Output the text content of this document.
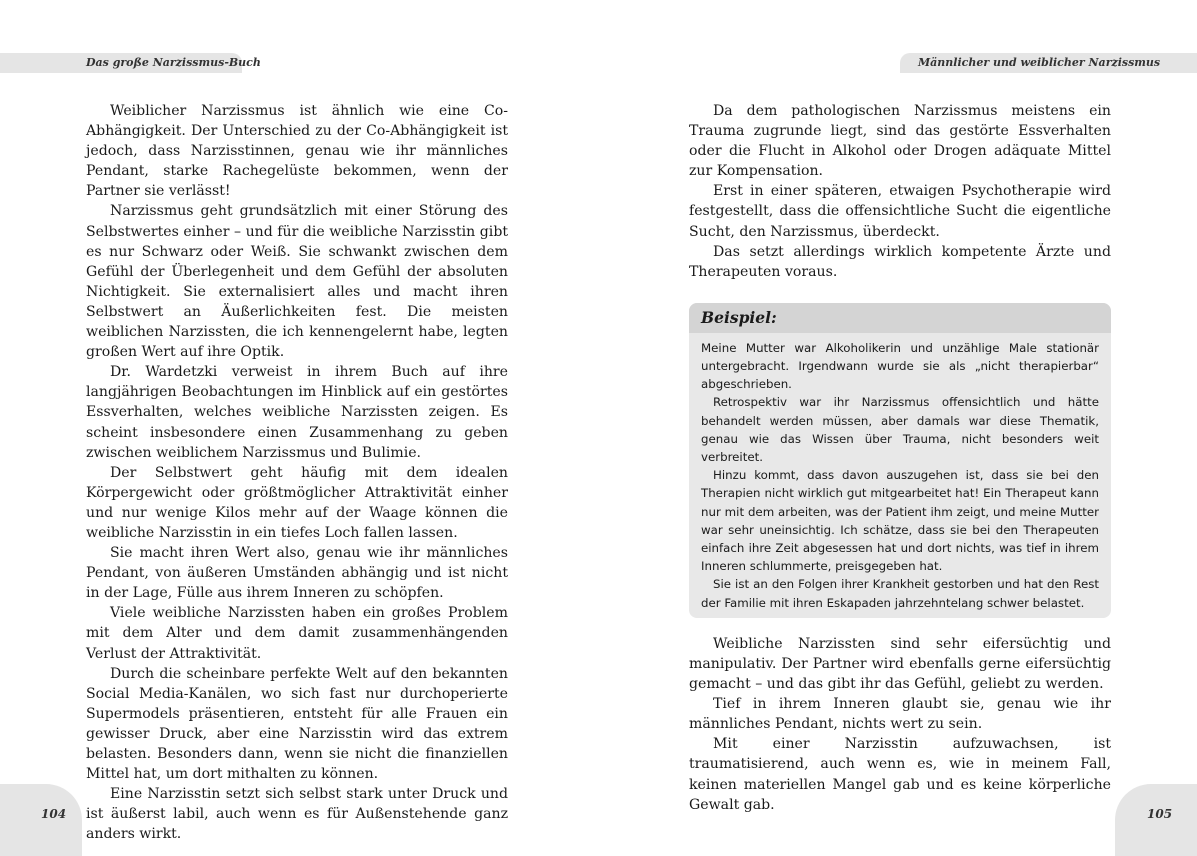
Das große Narzissmus-Buch	Männlicher und weiblicher Narzissmus

Weiblicher Narzissmus ist ähnlich wie eine Co-Abhängigkeit. Der Unterschied zu der Co-Abhängigkeit ist jedoch, dass Narzisstinnen, genau wie ihr männliches Pendant, starke Rachegelüste bekommen, wenn der Partner sie verlässt!

Narzissmus geht grundsätzlich mit einer Störung des Selbstwertes einher – und für die weibliche Narzisstin gibt es nur Schwarz oder Weiß. Sie schwankt zwischen dem Gefühl der Überlegenheit und dem Gefühl der absoluten Nichtigkeit. Sie externalisiert alles und macht ihren Selbstwert an Äußerlichkeiten fest. Die meisten weiblichen Narzissten, die ich kennengelernt habe, legten großen Wert auf ihre Optik.

Dr. Wardetzki verweist in ihrem Buch auf ihre langjährigen Beobachtungen im Hinblick auf ein gestörtes Essverhalten, welches weibliche Narzissten zeigen. Es scheint insbesondere einen Zusammenhang zu geben zwischen weiblichem Narzissmus und Bulimie.

Der Selbstwert geht häufig mit dem idealen Körpergewicht oder größtmöglicher Attraktivität einher und nur wenige Kilos mehr auf der Waage können die weibliche Narzisstin in ein tiefes Loch fallen lassen.

Sie macht ihren Wert also, genau wie ihr männliches Pendant, von äußeren Umständen abhängig und ist nicht in der Lage, Fülle aus ihrem Inneren zu schöpfen.

Viele weibliche Narzissten haben ein großes Problem mit dem Alter und dem damit zusammenhängenden Verlust der Attraktivität.

Durch die scheinbare perfekte Welt auf den bekannten Social Media-Kanälen, wo sich fast nur durchoperierte Supermodels präsentieren, entsteht für alle Frauen ein gewisser Druck, aber eine Narzisstin wird das extrem belasten. Besonders dann, wenn sie nicht die finanziellen Mittel hat, um dort mithalten zu können.

Eine Narzisstin setzt sich selbst stark unter Druck und ist äußerst labil, auch wenn es für Außenstehende ganz anders wirkt.

Da dem pathologischen Narzissmus meistens ein Trauma zugrunde liegt, sind das gestörte Essverhalten oder die Flucht in Alkohol oder Drogen adäquate Mittel zur Kompensation.

Erst in einer späteren, etwaigen Psychotherapie wird festgestellt, dass die offensichtliche Sucht die eigentliche Sucht, den Narzissmus, überdeckt.

Das setzt allerdings wirklich kompetente Ärzte und Therapeuten voraus.

Beispiel:

Meine Mutter war Alkoholikerin und unzählige Male stationär untergebracht. Irgendwann wurde sie als „nicht therapierbar“ abgeschrieben.

Retrospektiv war ihr Narzissmus offensichtlich und hätte behandelt werden müssen, aber damals war diese Thematik, genau wie das Wissen über Trauma, nicht besonders weit verbreitet.

Hinzu kommt, dass davon auszugehen ist, dass sie bei den Therapien nicht wirklich gut mitgearbeitet hat! Ein Therapeut kann nur mit dem arbeiten, was der Patient ihm zeigt, und meine Mutter war sehr uneinsichtig. Ich schätze, dass sie bei den Therapeuten einfach ihre Zeit abgesessen hat und dort nichts, was tief in ihrem Inneren schlummerte, preisgegeben hat.

Sie ist an den Folgen ihrer Krankheit gestorben und hat den Rest der Familie mit ihren Eskapaden jahrzehntelang schwer belastet.

Weibliche Narzissten sind sehr eifersüchtig und manipulativ. Der Partner wird ebenfalls gerne eifersüchtig gemacht – und das gibt ihr das Gefühl, geliebt zu werden.

Tief in ihrem Inneren glaubt sie, genau wie ihr männliches Pendant, nichts wert zu sein.

Mit einer Narzisstin aufzuwachsen, ist traumatisierend, auch wenn es, wie in meinem Fall, keinen materiellen Mangel gab und es keine körperliche Gewalt gab.

104	105
